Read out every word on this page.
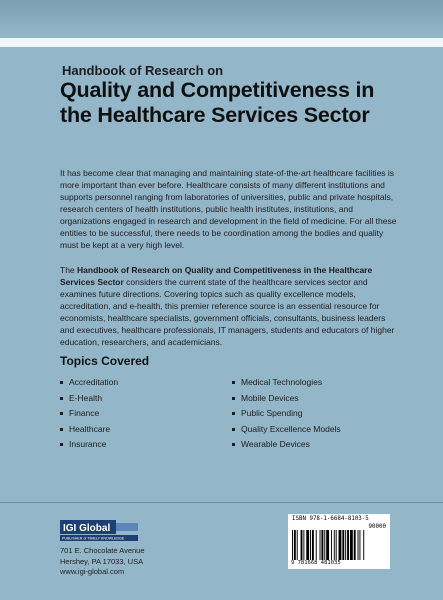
Handbook of Research on
Quality and Competitiveness in the Healthcare Services Sector
It has become clear that managing and maintaining state-of-the-art healthcare facilities is more important than ever before. Healthcare consists of many different institutions and supports personnel ranging from laboratories of universities, public and private hospitals, research centers of health institutions, public health institutes, institutions, and organizations engaged in research and development in the field of medicine. For all these entities to be successful, there needs to be coordination among the bodies and quality must be kept at a very high level.
The Handbook of Research on Quality and Competitiveness in the Healthcare Services Sector considers the current state of the healthcare services sector and examines future directions. Covering topics such as quality excellence models, accreditation, and e-health, this premier reference source is an essential resource for economists, healthcare specialists, government officials, consultants, business leaders and executives, healthcare professionals, IT managers, students and educators of higher education, researchers, and academicians.
Topics Covered
Accreditation
E-Health
Finance
Healthcare
Insurance
Medical Technologies
Mobile Devices
Public Spending
Quality Excellence Models
Wearable Devices
IGI Global
PUBLISHER of TIMELY KNOWLEDGE
701 E. Chocolate Avenue
Hershey, PA 17033, USA
www.igi-global.com
ISBN 978-1-6684-8103-5
90000
9 781668 481035
